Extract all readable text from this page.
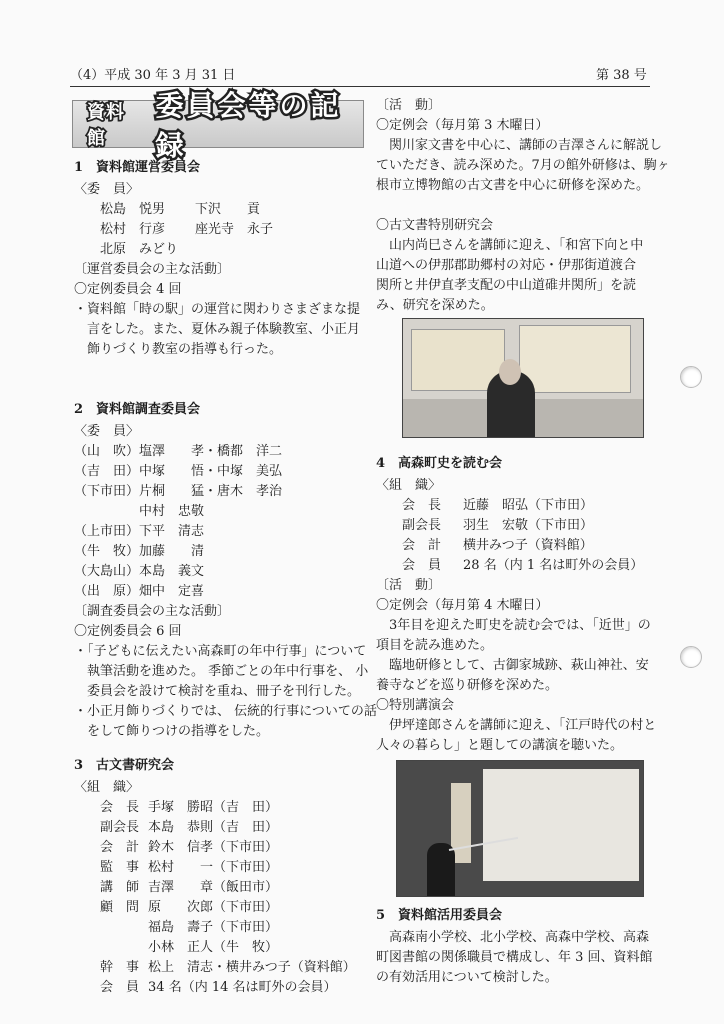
（4）平成 30 年 3 月 31 日	第 38 号
資料館
委員会等の記録
1　資料館運営委員会
〈委　員〉
　　松島　悦男　 下沢　　貢
　　松村　行彦　 座光寺　永子
　　北原　みどり
〔運営委員会の主な活動〕
〇定例委員会 4 回
・資料館「時の駅」の運営に関わりさまざまな提
　言をした。また、夏休み親子体験教室、小正月
　飾りづくり教室の指導も行った。
2　資料館調査委員会
〈委　員〉
（山　吹）塩澤　　孝・橋都　洋二
（吉　田）中塚　　悟・中塚　美弘
（下市田）片桐　　猛・唐木　孝治
　　　　　中村　忠敬
（上市田）下平　清志
（牛　牧）加藤　　清
（大島山）本島　義文
（出　原）畑中　定喜
〔調査委員会の主な活動〕
〇定例委員会 6 回
・「子どもに伝えたい高森町の年中行事」について
　執筆活動を進めた。 季節ごとの年中行事を、 小
　委員会を設けて検討を重ね、冊子を刊行した。
・小正月飾りづくりでは、 伝統的行事についての話
　をして飾りつけの指導をした。
3　古文書研究会
〈組　織〉
　　会　長 手塚　勝昭（吉　田）
　　副会長 本島　恭則（吉　田）
　　会　計 鈴木　信孝（下市田）
　　監　事 松村　　一（下市田）
　　講　師 吉澤　　章（飯田市）
　　顧　問 原　　次郎（下市田）
　　福島　壽子（下市田）
　　小林　正人（牛　牧）
　　幹　事 松上　清志・横井みつ子（資料館）
　　会　員 34 名（内 14 名は町外の会員）
〔活　動〕
〇定例会（毎月第 3 木曜日）
　関川家文書を中心に、講師の吉澤さんに解説し
ていただき、読み深めた。7月の館外研修は、駒ヶ
根市立博物館の古文書を中心に研修を深めた。
〇古文書特別研究会
　山内尚巳さんを講師に迎え、「和宮下向と中
山道への伊那郡助郷村の対応・伊那街道渡合
関所と井伊直孝支配の中山道碓井関所」を読
み、研究を深めた。
4　高森町史を読む会
〈組　織〉
　　会　長　 近藤　昭弘（下市田）
　　副会長　 羽生　宏敬（下市田）
　　会　計　 横井みつ子（資料館）
　　会　員　 28 名（内 1 名は町外の会員）
〔活　動〕
〇定例会（毎月第 4 木曜日）
　3年目を迎えた町史を読む会では、「近世」の
項目を読み進めた。
　臨地研修として、古御家城跡、萩山神社、安
養寺などを巡り研修を深めた。
〇特別講演会
　伊坪達郎さんを講師に迎え、「江戸時代の村と
人々の暮らし」と題しての講演を聴いた。
5　資料館活用委員会
　高森南小学校、北小学校、高森中学校、高森
町図書館の関係職員で構成し、年 3 回、資料館
の有効活用について検討した。
